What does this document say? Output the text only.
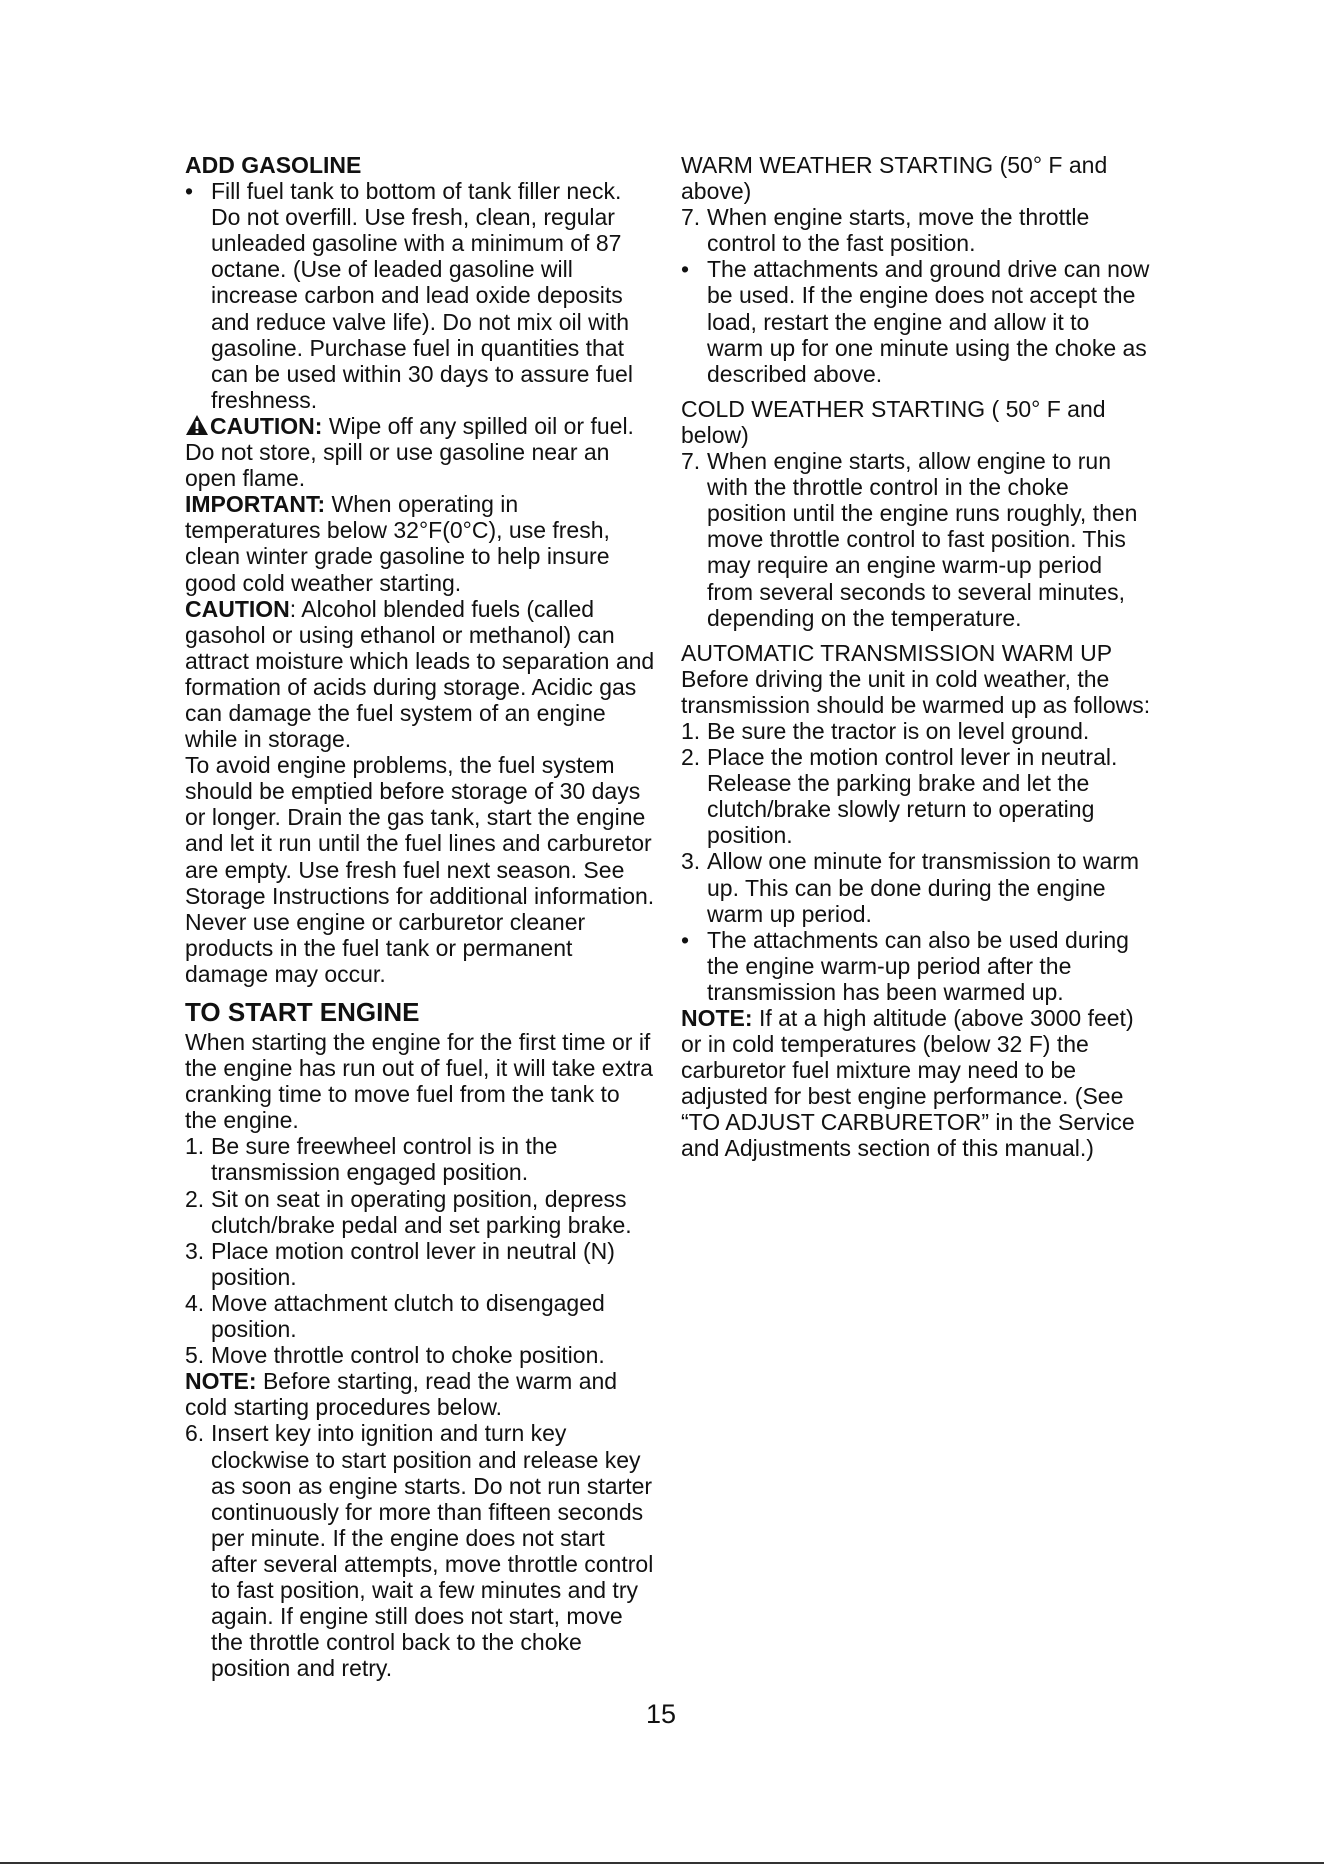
ADD GASOLINE

• Fill fuel tank to bottom of tank filler neck. Do not overfill. Use fresh, clean, regular unleaded gasoline with a minimum of 87 octane. (Use of leaded gasoline will increase carbon and lead oxide deposits and reduce valve life). Do not mix oil with gasoline. Purchase fuel in quantities that can be used within 30 days to assure fuel freshness.

CAUTION: Wipe off any spilled oil or fuel. Do not store, spill or use gasoline near an open flame.

IMPORTANT: When operating in temperatures below 32°F(0°C), use fresh, clean winter grade gasoline to help insure good cold weather starting.

CAUTION: Alcohol blended fuels (called gasohol or using ethanol or methanol) can attract moisture which leads to separation and formation of acids during storage. Acidic gas can damage the fuel system of an engine while in storage.

To avoid engine problems, the fuel system should be emptied before storage of 30 days or longer. Drain the gas tank, start the engine and let it run until the fuel lines and carburetor are empty. Use fresh fuel next season. See Storage Instructions for additional information.

Never use engine or carburetor cleaner products in the fuel tank or permanent damage may occur.

TO START ENGINE

When starting the engine for the first time or if the engine has run out of fuel, it will take extra cranking time to move fuel from the tank to the engine.

1. Be sure freewheel control is in the transmission engaged position.
2. Sit on seat in operating position, depress clutch/brake pedal and set parking brake.
3. Place motion control lever in neutral (N) position.
4. Move attachment clutch to disengaged position.
5. Move throttle control to choke position.

NOTE: Before starting, read the warm and cold starting procedures below.

6. Insert key into ignition and turn key clockwise to start position and release key as soon as engine starts. Do not run starter continuously for more than fifteen seconds per minute. If the engine does not start after several attempts, move throttle control to fast position, wait a few minutes and try again. If engine still does not start, move the throttle control back to the choke position and retry.

WARM WEATHER STARTING (50° F and above)

7. When engine starts, move the throttle control to the fast position.
• The attachments and ground drive can now be used. If the engine does not accept the load, restart the engine and allow it to warm up for one minute using the choke as described above.

COLD WEATHER STARTING ( 50° F and below)

7. When engine starts, allow engine to run with the throttle control in the choke position until the engine runs roughly, then move throttle control to fast position. This may require an engine warm-up period from several seconds to several minutes, depending on the temperature.

AUTOMATIC TRANSMISSION WARM UP

Before driving the unit in cold weather, the transmission should be warmed up as follows:

1. Be sure the tractor is on level ground.
2. Place the motion control lever in neutral. Release the parking brake and let the clutch/brake slowly return to operating position.
3. Allow one minute for transmission to warm up. This can be done during the engine warm up period.
• The attachments can also be used during the engine warm-up period after the transmission has been warmed up.

NOTE: If at a high altitude (above 3000 feet) or in cold temperatures (below 32 F) the carburetor fuel mixture may need to be adjusted for best engine performance. (See “TO ADJUST CARBURETOR” in the Service and Adjustments section of this manual.)

15
